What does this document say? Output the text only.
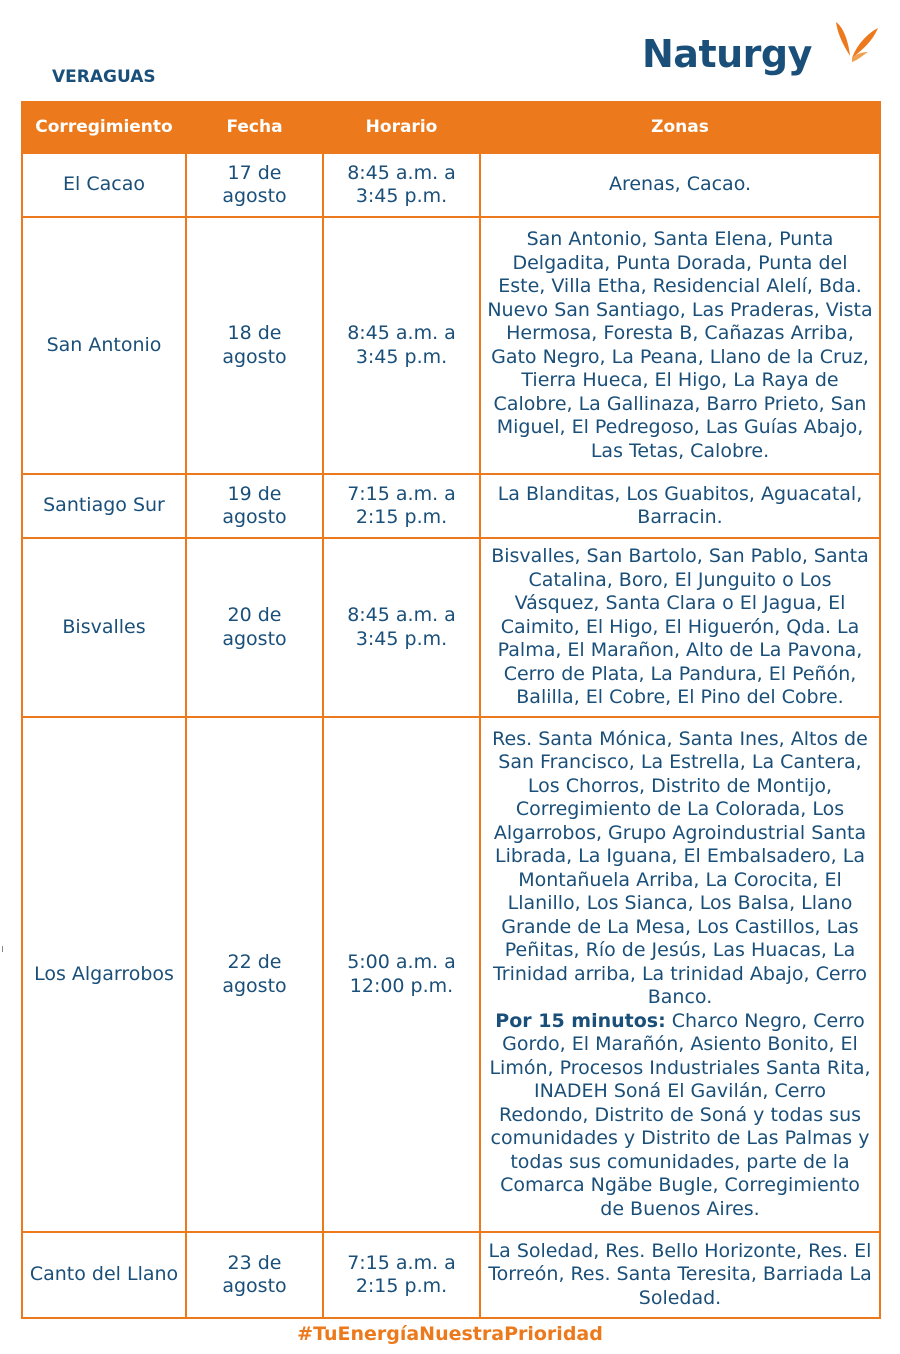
VERAGUAS
Naturgy
Corregimiento	Fecha	Horario	Zonas
El Cacao	17 de agosto	8:45 a.m. a 3:45 p.m.	Arenas, Cacao.
San Antonio	18 de agosto	8:45 a.m. a 3:45 p.m.	San Antonio, Santa Elena, Punta Delgadita, Punta Dorada, Punta del Este, Villa Etha, Residencial Alelí, Bda. Nuevo San Santiago, Las Praderas, Vista Hermosa, Foresta B, Cañazas Arriba, Gato Negro, La Peana, Llano de la Cruz, Tierra Hueca, El Higo, La Raya de Calobre, La Gallinaza, Barro Prieto, San Miguel, El Pedregoso, Las Guías Abajo, Las Tetas, Calobre.
Santiago Sur	19 de agosto	7:15 a.m. a 2:15 p.m.	La Blanditas, Los Guabitos, Aguacatal, Barracin.
Bisvalles	20 de agosto	8:45 a.m. a 3:45 p.m.	Bisvalles, San Bartolo, San Pablo, Santa Catalina, Boro, El Junguito o Los Vásquez, Santa Clara o El Jagua, El Caimito, El Higo, El Higuerón, Qda. La Palma, El Marañon, Alto de La Pavona, Cerro de Plata, La Pandura, El Peñón, Balilla, El Cobre, El Pino del Cobre.
Los Algarrobos	22 de agosto	5:00 a.m. a 12:00 p.m.	Res. Santa Mónica, Santa Ines, Altos de San Francisco, La Estrella, La Cantera, Los Chorros, Distrito de Montijo, Corregimiento de La Colorada, Los Algarrobos, Grupo Agroindustrial Santa Librada, La Iguana, El Embalsadero, La Montañuela Arriba, La Corocita, El Llanillo, Los Sianca, Los Balsa, Llano Grande de La Mesa, Los Castillos, Las Peñitas, Río de Jesús, Las Huacas, La Trinidad arriba, La trinidad Abajo, Cerro Banco.
Por 15 minutos: Charco Negro, Cerro Gordo, El Marañón, Asiento Bonito, El Limón, Procesos Industriales Santa Rita, INADEH Soná El Gavilán, Cerro Redondo, Distrito de Soná y todas sus comunidades y Distrito de Las Palmas y todas sus comunidades, parte de la Comarca Ngäbe Bugle, Corregimiento de Buenos Aires.
Canto del Llano	23 de agosto	7:15 a.m. a 2:15 p.m.	La Soledad, Res. Bello Horizonte, Res. El Torreón, Res. Santa Teresita, Barriada La Soledad.
#TuEnergíaNuestraPrioridad
